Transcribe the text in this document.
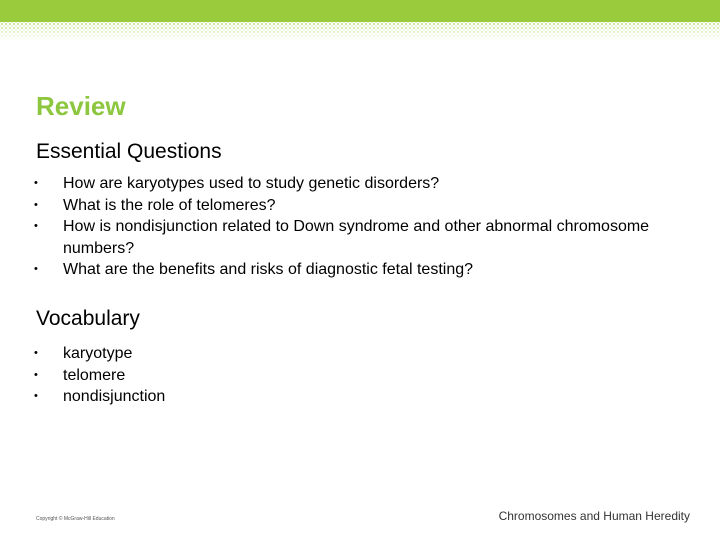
Review
Essential Questions
• How are karyotypes used to study genetic disorders?
• What is the role of telomeres?
• How is nondisjunction related to Down syndrome and other abnormal chromosome numbers?
• What are the benefits and risks of diagnostic fetal testing?
Vocabulary
• karyotype
• telomere
• nondisjunction
Copyright © McGraw-Hill Education	Chromosomes and Human Heredity
